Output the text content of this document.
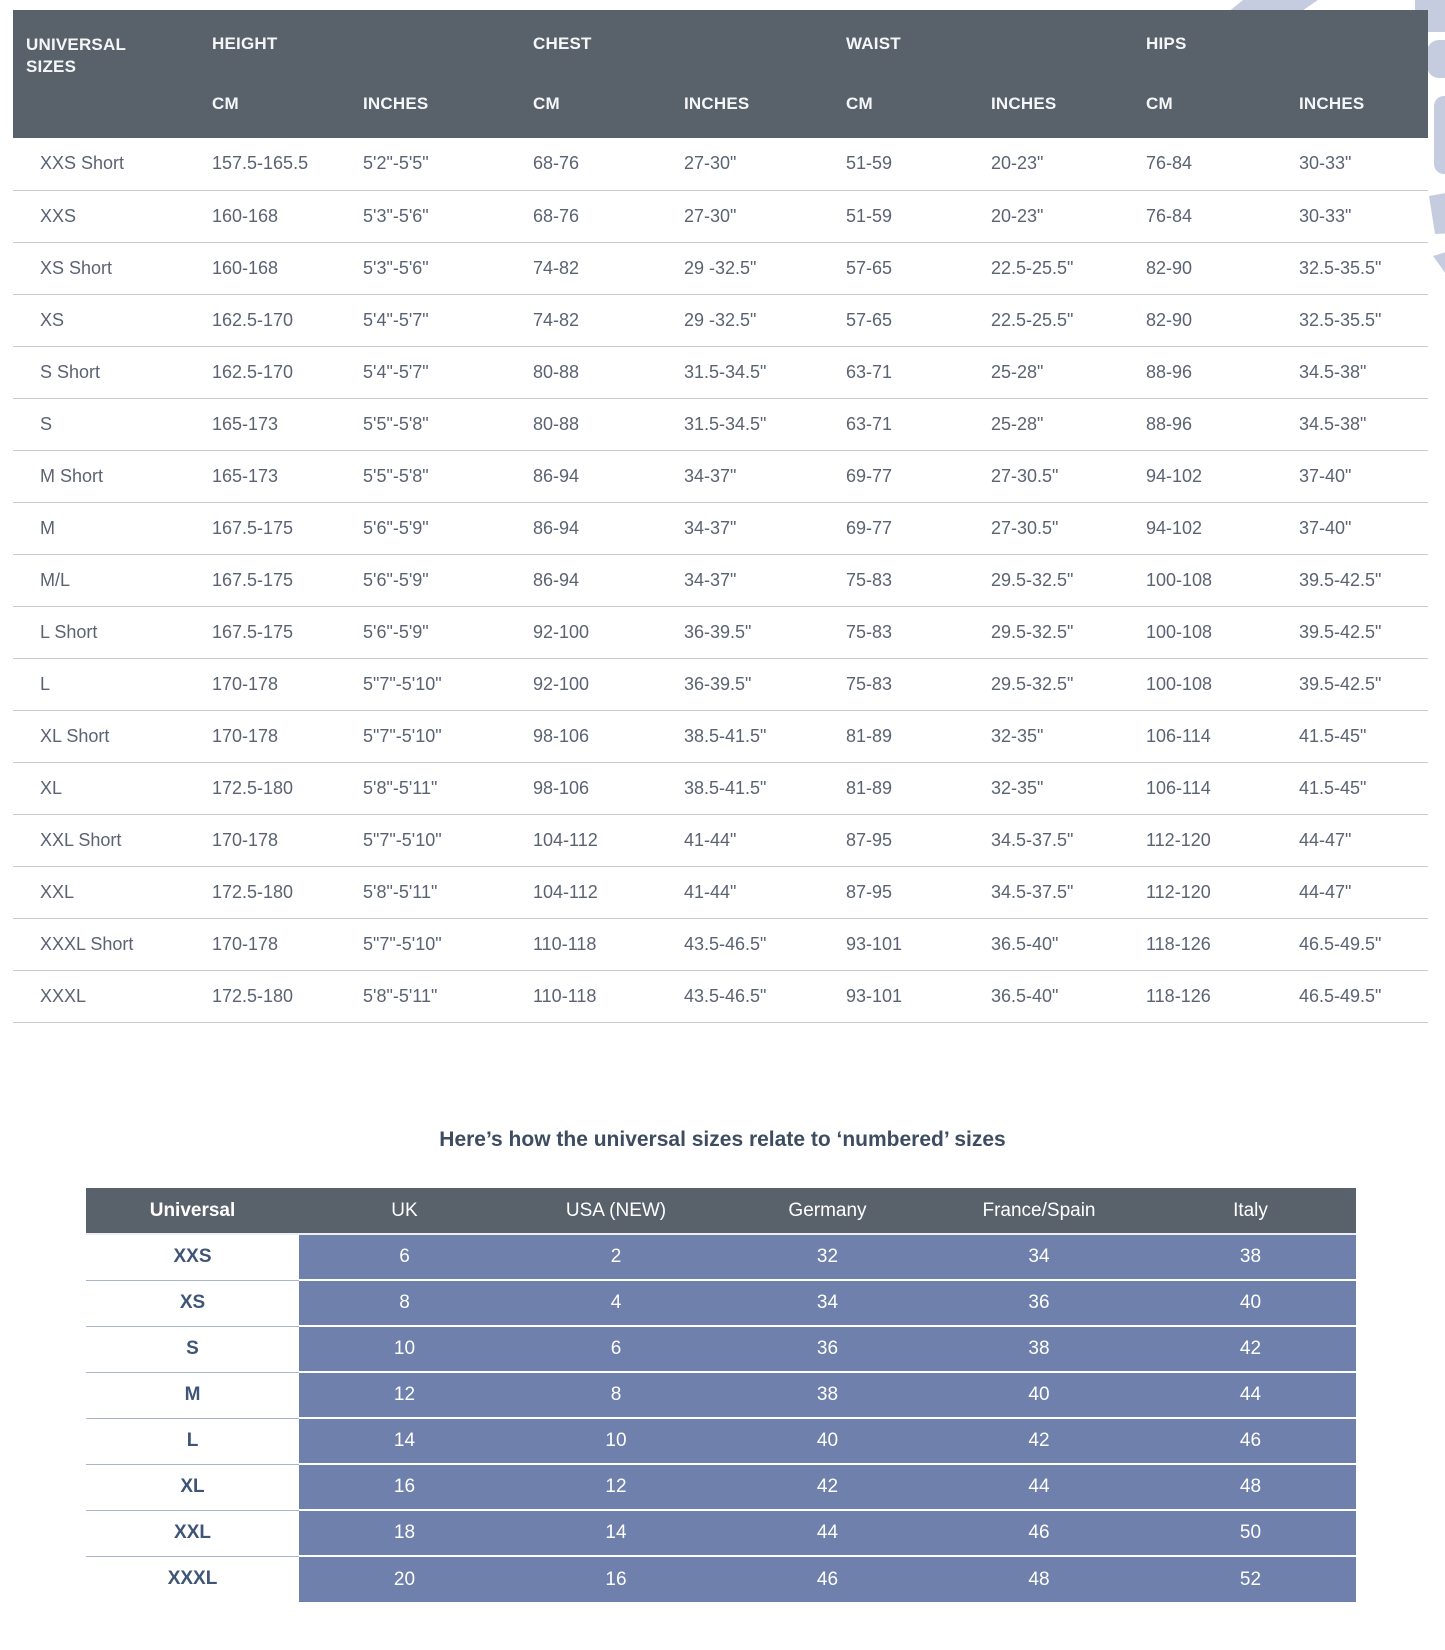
UNIVERSAL
SIZES	HEIGHT		CHEST		WAIST		HIPS	
	CM	INCHES	CM	INCHES	CM	INCHES	CM	INCHES
XXS Short	157.5-165.5	5'2"-5'5"	68-76	27-30"	51-59	20-23"	76-84	30-33"
XXS	160-168	5'3"-5'6"	68-76	27-30"	51-59	20-23"	76-84	30-33"
XS Short	160-168	5'3"-5'6"	74-82	29 -32.5"	57-65	22.5-25.5"	82-90	32.5-35.5"
XS	162.5-170	5'4"-5'7"	74-82	29 -32.5"	57-65	22.5-25.5"	82-90	32.5-35.5"
S Short	162.5-170	5'4"-5'7"	80-88	31.5-34.5"	63-71	25-28"	88-96	34.5-38"
S	165-173	5'5"-5'8"	80-88	31.5-34.5"	63-71	25-28"	88-96	34.5-38"
M Short	165-173	5'5"-5'8"	86-94	34-37"	69-77	27-30.5"	94-102	37-40"
M	167.5-175	5'6"-5'9"	86-94	34-37"	69-77	27-30.5"	94-102	37-40"
M/L	167.5-175	5'6"-5'9"	86-94	34-37"	75-83	29.5-32.5"	100-108	39.5-42.5"
L Short	167.5-175	5'6"-5'9"	92-100	36-39.5"	75-83	29.5-32.5"	100-108	39.5-42.5"
L	170-178	5"7"-5'10"	92-100	36-39.5"	75-83	29.5-32.5"	100-108	39.5-42.5"
XL Short	170-178	5"7"-5'10"	98-106	38.5-41.5"	81-89	32-35"	106-114	41.5-45"
XL	172.5-180	5'8"-5'11"	98-106	38.5-41.5"	81-89	32-35"	106-114	41.5-45"
XXL Short	170-178	5"7"-5'10"	104-112	41-44"	87-95	34.5-37.5"	112-120	44-47"
XXL	172.5-180	5'8"-5'11"	104-112	41-44"	87-95	34.5-37.5"	112-120	44-47"
XXXL Short	170-178	5"7"-5'10"	110-118	43.5-46.5"	93-101	36.5-40"	118-126	46.5-49.5"
XXXL	172.5-180	5'8"-5'11"	110-118	43.5-46.5"	93-101	36.5-40"	118-126	46.5-49.5"
Here’s how the universal sizes relate to ‘numbered’ sizes
Universal	UK	USA (NEW)	Germany	France/Spain	Italy
XXS	6	2	32	34	38
XS	8	4	34	36	40
S	10	6	36	38	42
M	12	8	38	40	44
L	14	10	40	42	46
XL	16	12	42	44	48
XXL	18	14	44	46	50
XXXL	20	16	46	48	52
